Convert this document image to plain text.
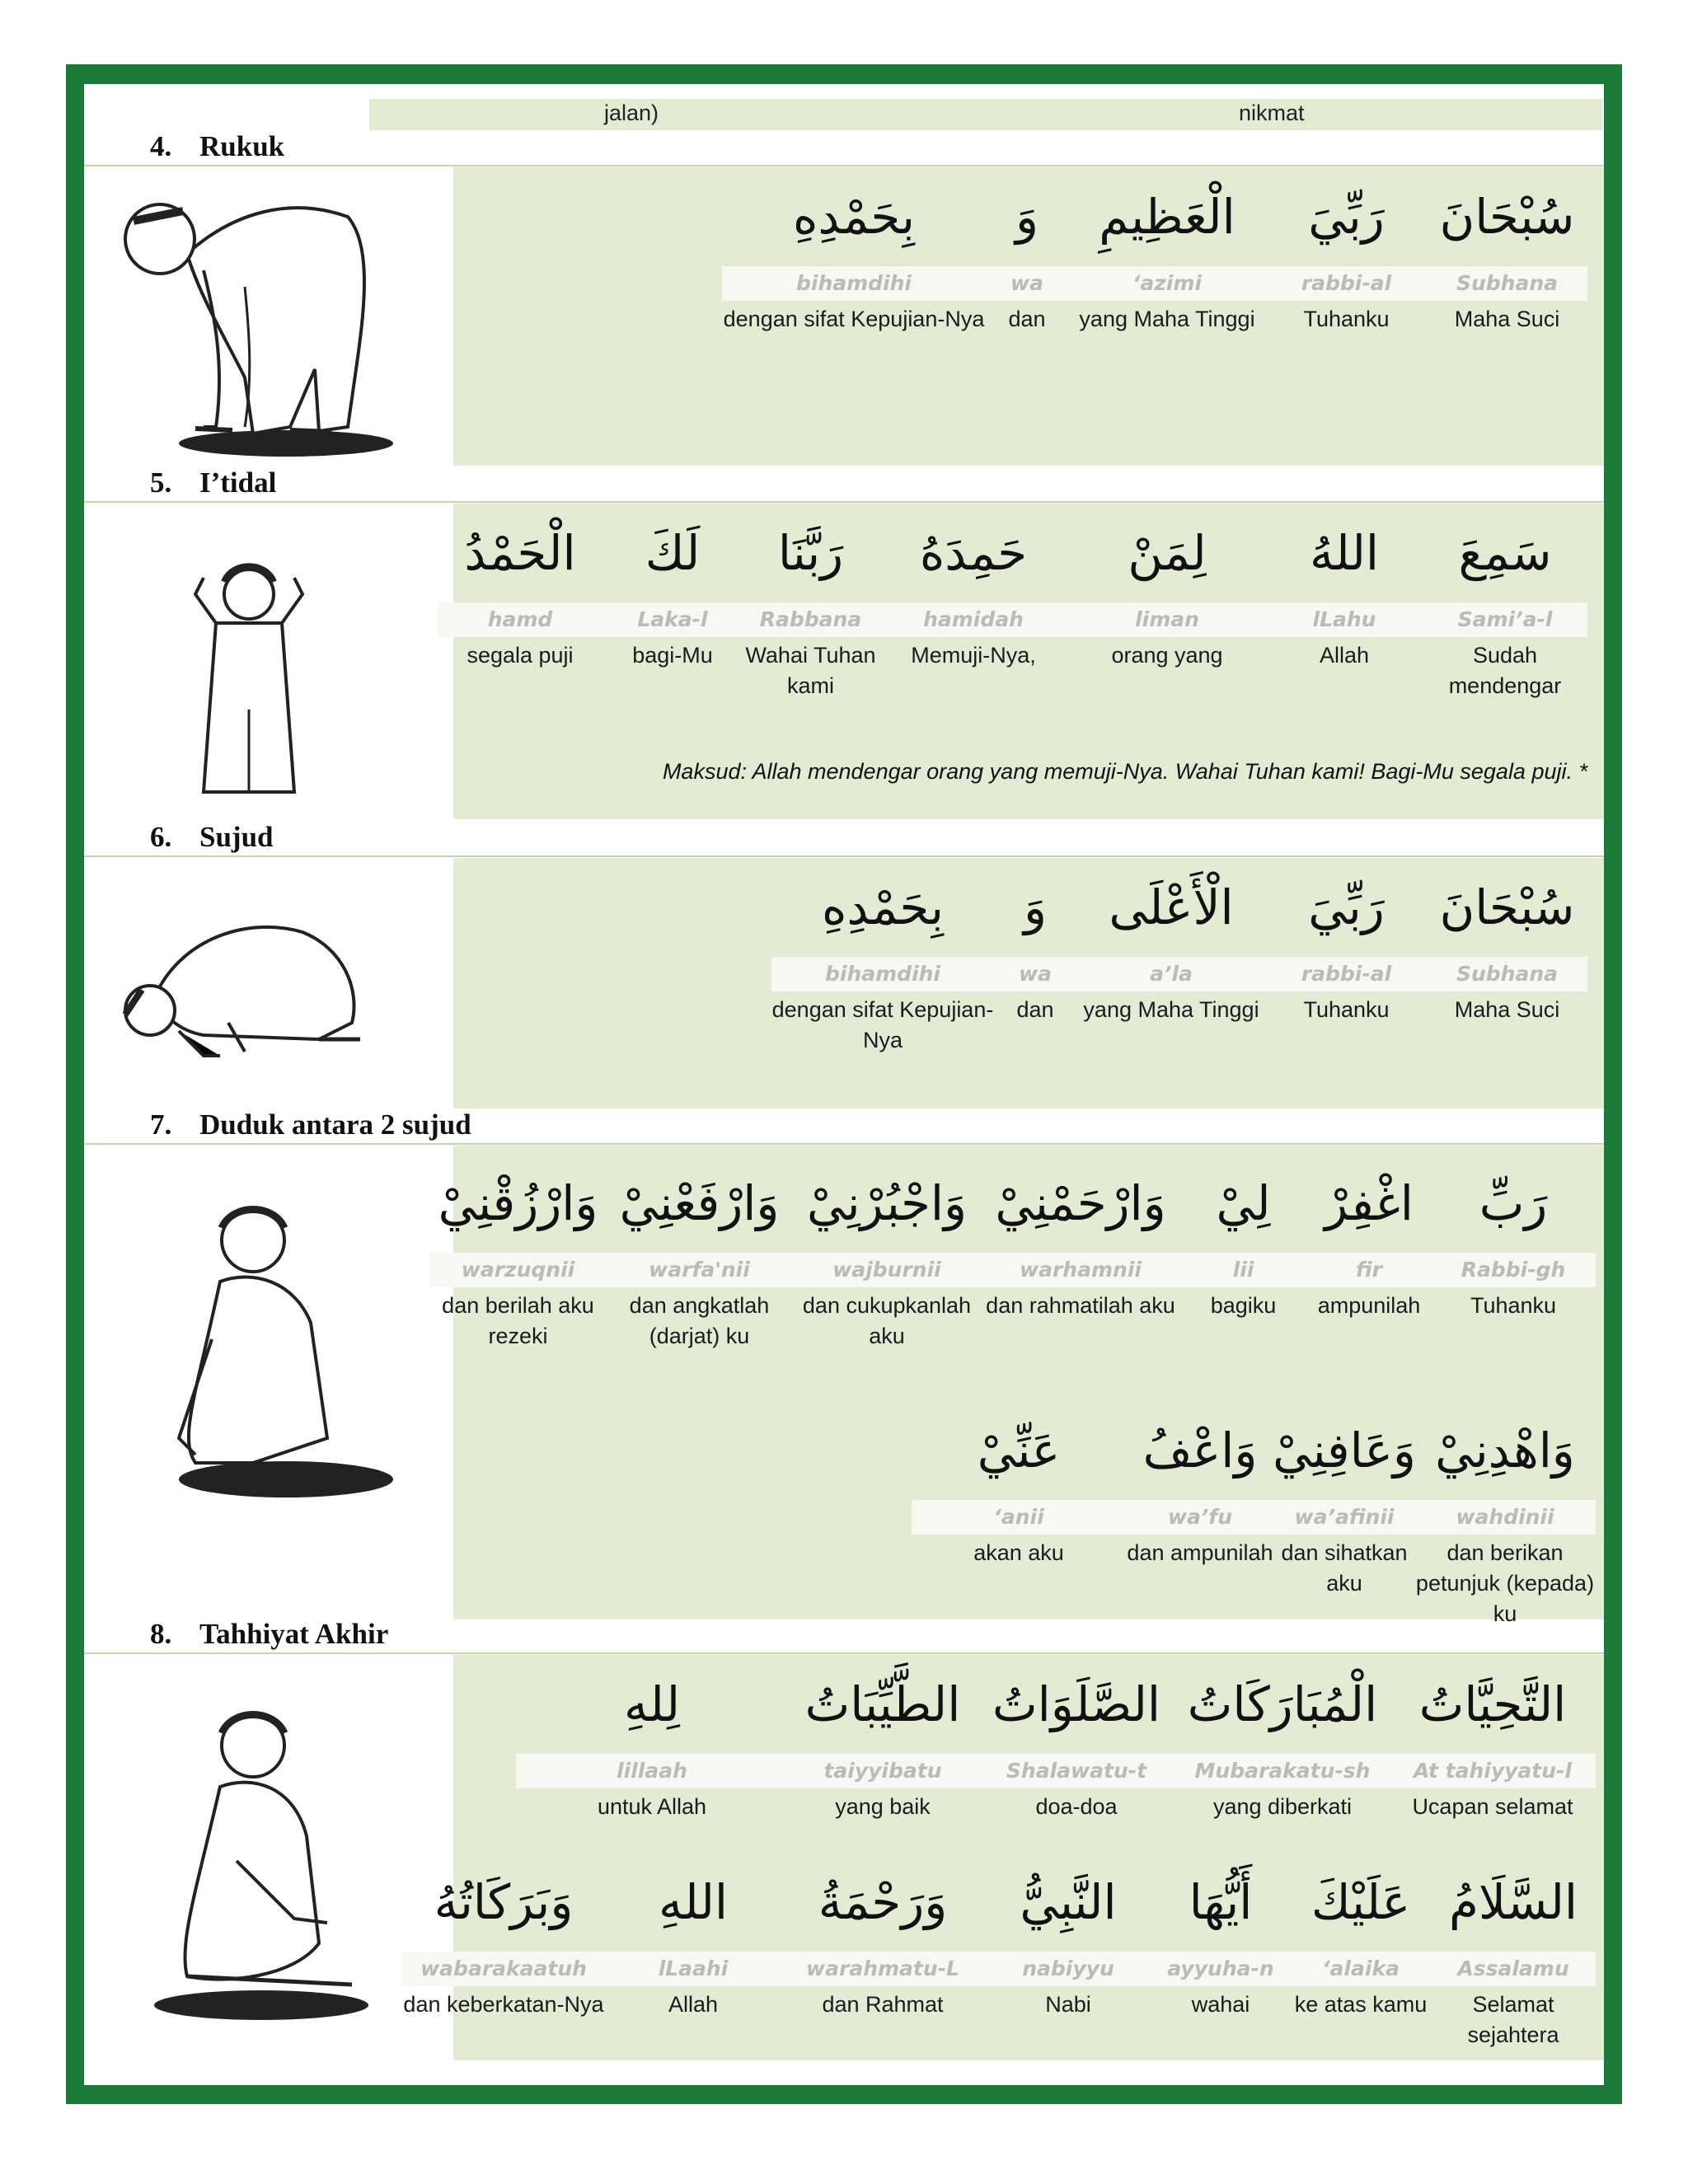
jalan)	nikmat
4. Rukuk
سُبْحَانَ
Subhana
Maha Suci
رَبِّيَ
rabbi-al
Tuhanku
الْعَظِيمِ
ʻazimi
yang Maha Tinggi
وَ
wa
dan
بِحَمْدِهِ
bihamdihi
dengan sifat Kepujian-Nya
5. I’tidal
سَمِعَ
Sami’a-l
Sudah mendengar
اللهُ
lLahu
Allah
لِمَنْ
liman
orang yang
حَمِدَهُ
hamidah
Memuji-Nya,
رَبَّنَا
Rabbana
Wahai Tuhan kami
لَكَ
Laka-l
bagi-Mu
الْحَمْدُ
hamd
segala puji
Maksud: Allah mendengar orang yang memuji-Nya. Wahai Tuhan kami! Bagi-Mu segala puji. *
6. Sujud
سُبْحَانَ
Subhana
Maha Suci
رَبِّيَ
rabbi-al
Tuhanku
الْأَعْلَى
a’la
yang Maha Tinggi
وَ
wa
dan
بِحَمْدِهِ
bihamdihi
dengan sifat Kepujian-Nya
7. Duduk antara 2 sujud
رَبِّ
Rabbi-gh
Tuhanku
اغْفِرْ
fir
ampunilah
لِيْ
lii
bagiku
وَارْحَمْنِيْ
warhamnii
dan rahmatilah aku
وَاجْبُرْنِيْ
wajburnii
dan cukupkanlah aku
وَارْفَعْنِيْ
warfa'nii
dan angkatlah (darjat) ku
وَارْزُقْنِيْ
warzuqnii
dan berilah aku rezeki
وَاهْدِنِيْ
wahdinii
dan berikan petunjuk (kepada) ku
وَعَافِنِيْ
wa’afinii
dan sihatkan aku
وَاعْفُ
wa’fu
dan ampunilah
عَنِّيْ
ʻanii
akan aku
8. Tahhiyat Akhir
التَّحِيَّاتُ
At tahiyyatu-l
Ucapan selamat
الْمُبَارَكَاتُ
Mubarakatu-sh
yang diberkati
الصَّلَوَاتُ
Shalawatu-t
doa-doa
الطَّيِّبَاتُ
taiyyibatu
yang baik
لِلهِ
lillaah
untuk Allah
السَّلَامُ
Assalamu
Selamat sejahtera
عَلَيْكَ
ʻalaika
ke atas kamu
أَيُّهَا
ayyuha-n
wahai
النَّبِيُّ
nabiyyu
Nabi
وَرَحْمَةُ
warahmatu-L
dan Rahmat
اللهِ
lLaahi
Allah
وَبَرَكَاتُهُ
wabarakaatuh
dan keberkatan-Nya
